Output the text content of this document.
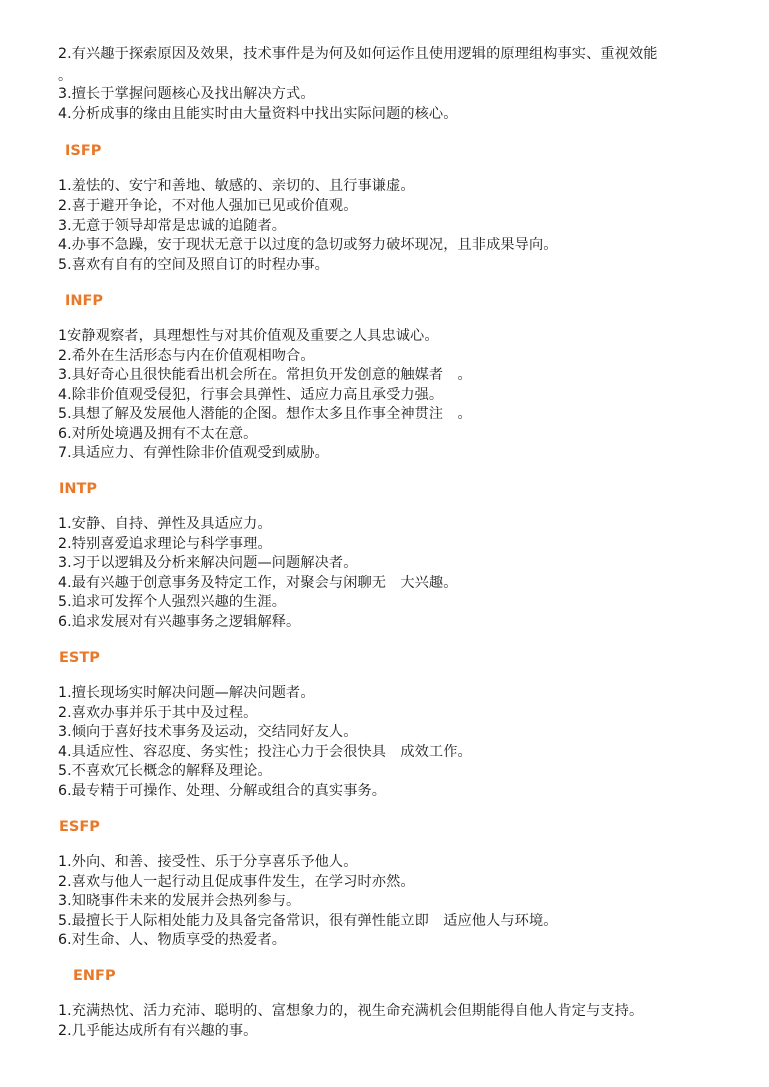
2.有兴趣于探索原因及效果，技术事件是为何及如何运作且使用逻辑的原理组构事实、重视效能
。
3.擅长于掌握问题核心及找出解决方式。
4.分析成事的缘由且能实时由大量资料中找出实际问题的核心。
ISFP
1.羞怯的、安宁和善地、敏感的、亲切的、且行事谦虚。
2.喜于避开争论，不对他人强加已见或价值观。
3.无意于领导却常是忠诚的追随者。
4.办事不急躁，安于现状无意于以过度的急切或努力破坏现况，且非成果导向。
5.喜欢有自有的空间及照自订的时程办事。
INFP
1安静观察者，具理想性与对其价值观及重要之人具忠诚心。
2.希外在生活形态与内在价值观相吻合。
3.具好奇心且很快能看出机会所在。常担负开发创意的触媒者　。
4.除非价值观受侵犯，行事会具弹性、适应力高且承受力强。
5.具想了解及发展他人潜能的企图。想作太多且作事全神贯注　。
6.对所处境遇及拥有不太在意。
7.具适应力、有弹性除非价值观受到威胁。
INTP
1.安静、自持、弹性及具适应力。
2.特别喜爱追求理论与科学事理。
3.习于以逻辑及分析来解决问题—问题解决者。
4.最有兴趣于创意事务及特定工作，对聚会与闲聊无　大兴趣。
5.追求可发挥个人强烈兴趣的生涯。
6.追求发展对有兴趣事务之逻辑解释。
ESTP
1.擅长现场实时解决问题—解决问题者。
2.喜欢办事并乐于其中及过程。
3.倾向于喜好技术事务及运动，交结同好友人。
4.具适应性、容忍度、务实性；投注心力于会很快具　成效工作。
5.不喜欢冗长概念的解释及理论。
6.最专精于可操作、处理、分解或组合的真实事务。
ESFP
1.外向、和善、接受性、乐于分享喜乐予他人。
2.喜欢与他人一起行动且促成事件发生，在学习时亦然。
3.知晓事件未来的发展并会热列参与。
5.最擅长于人际相处能力及具备完备常识，很有弹性能立即　适应他人与环境。
6.对生命、人、物质享受的热爱者。
ENFP
1.充满热忱、活力充沛、聪明的、富想象力的，视生命充满机会但期能得自他人肯定与支持。
2.几乎能达成所有有兴趣的事。
